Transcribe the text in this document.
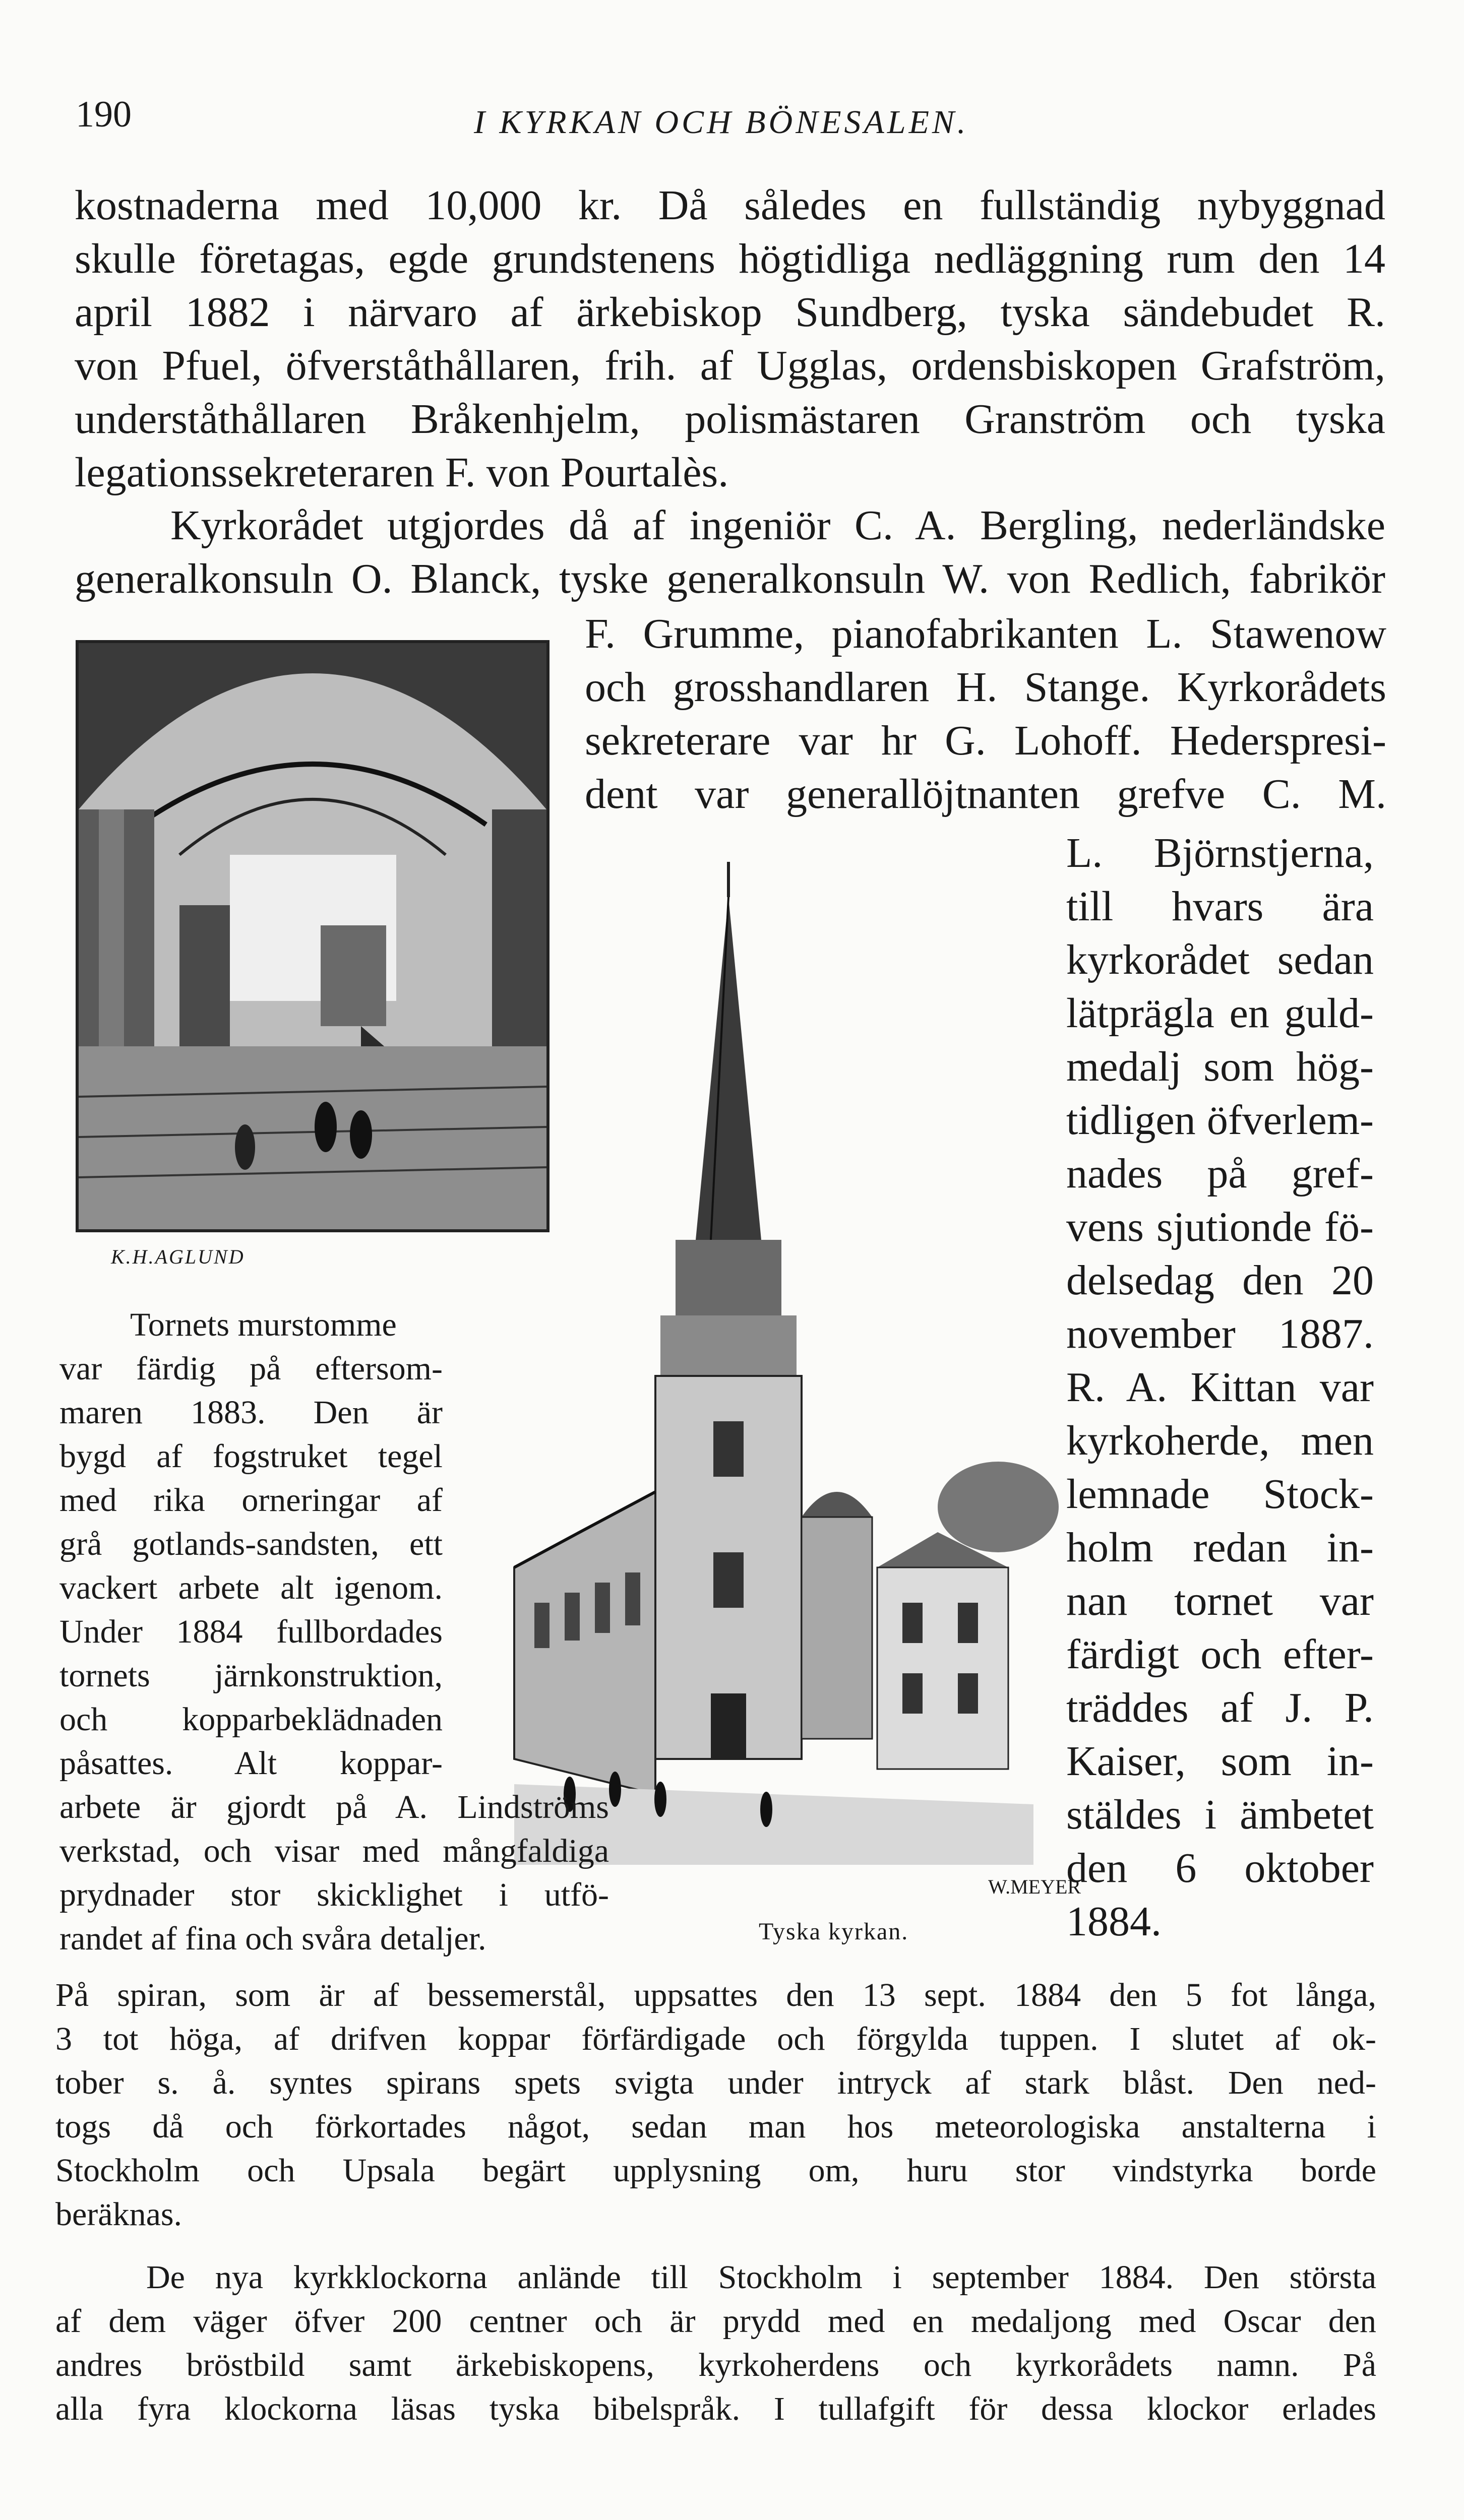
190	I KYRKAN OCH BÖNESALEN.
kostnaderna med 10,000 kr. Då således en fullständig nybyggnad
skulle företagas, egde grundstenens högtidliga nedläggning rum den 14
april 1882 i närvaro af ärkebiskop Sundberg, tyska sändebudet R.
von Pfuel, öfverståthållaren, frih. af Ugglas, ordensbiskopen Grafström,
underståthållaren Bråkenhjelm, polismästaren Granström och tyska
legationssekreteraren F. von Pourtalès.
Kyrkorådet utgjordes då af ingeniör C. A. Bergling, nederländske
generalkonsuln O. Blanck, tyske generalkonsuln W. von Redlich, fabrikör
F. Grumme, pianofabrikanten L. Stawenow
och grosshandlaren H. Stange. Kyrkorådets
sekreterare var hr G. Lohoff. Hederspresi-
dent var generallöjtnanten grefve C. M.
L. Björnstjerna,
till hvars ära
kyrkorådet sedan
lätprägla en guld-
medalj som hög-
tidligen öfverlem-
nades på gref-
vens sjutionde fö-
delsedag den 20
november 1887.
R. A. Kittan var
kyrkoherde, men
lemnade Stock-
holm redan in-
nan tornet var
färdigt och efter-
träddes af J. P.
Kaiser, som in-
stäldes i ämbetet
den 6 oktober
1884.
K.H.AGLUND
W.MEYER
Tyska kyrkan.
Tornets murstomme
var färdig på eftersom-
maren 1883. Den är
bygd af fogstruket tegel
med rika orneringar af
grå gotlands-sandsten, ett
vackert arbete alt igenom.
Under 1884 fullbordades
tornets järnkonstruktion,
och kopparbeklädnaden
påsattes. Alt koppar-
arbete är gjordt på A. Lindströms
verkstad, och visar med mångfaldiga
prydnader stor skicklighet i utfö-
randet af fina och svåra detaljer.
På spiran, som är af bessemerstål, uppsattes den 13 sept. 1884 den 5 fot långa,
3 tot höga, af drifven koppar förfärdigade och förgylda tuppen. I slutet af ok-
tober s. å. syntes spirans spets svigta under intryck af stark blåst. Den ned-
togs då och förkortades något, sedan man hos meteorologiska anstalterna i
Stockholm och Upsala begärt upplysning om, huru stor vindstyrka borde
beräknas.
De nya kyrkklockorna anlände till Stockholm i september 1884. Den största
af dem väger öfver 200 centner och är prydd med en medaljong med Oscar den
andres bröstbild samt ärkebiskopens, kyrkoherdens och kyrkorådets namn. På
alla fyra klockorna läsas tyska bibelspråk. I tullafgift för dessa klockor erlades
